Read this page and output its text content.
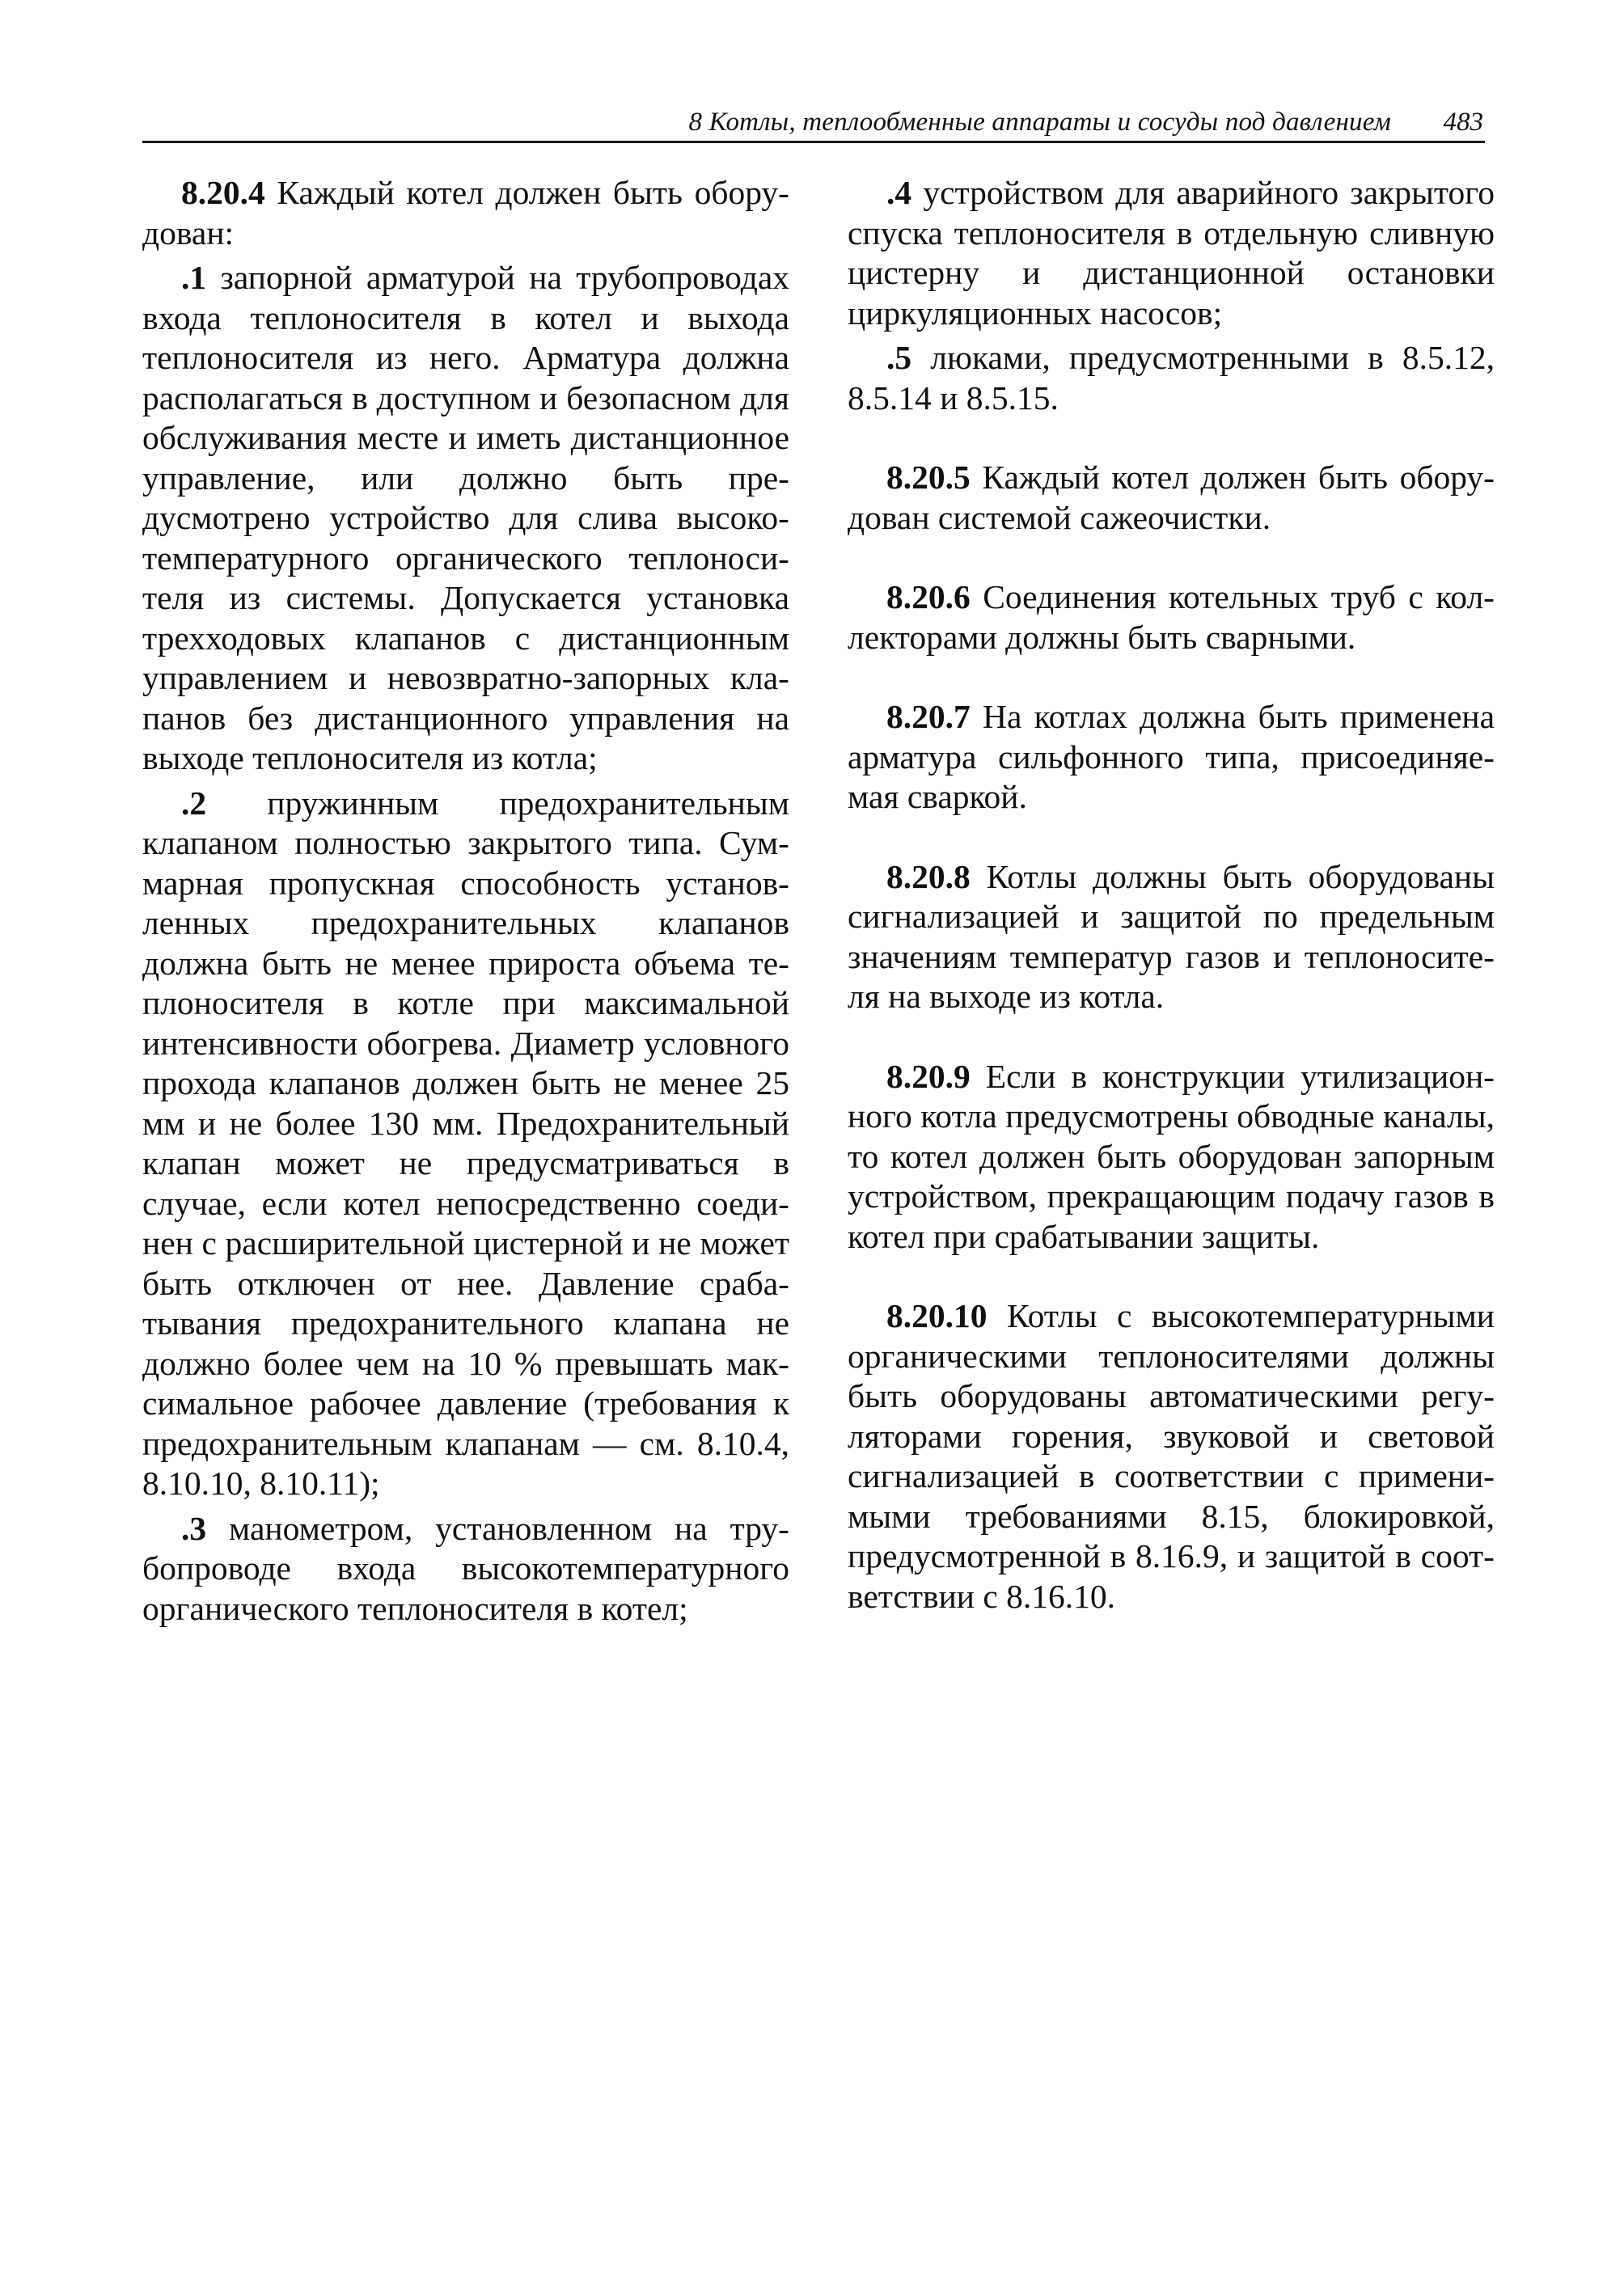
8 Котлы, теплообменные аппараты и сосуды под давлением 483

8.20.4 Каждый котел должен быть оборудован:

.1 запорной арматурой на трубопроводах входа теплоносителя в котел и выхода теплоносителя из него. Арматура должна располагаться в доступном и безопасном для обслуживания месте и иметь дистанционное управление, или должно быть предусмотрено устройство для слива высокотемпературного органического теплоносителя из системы. Допускается установка трехходовых клапанов с дистанционным управлением и невозвратно-запорных клапанов без дистанционного управления на выходе теплоносителя из котла;

.2 пружинным предохранительным клапаном полностью закрытого типа. Суммарная пропускная способность установленных предохранительных клапанов должна быть не менее прироста объема теплоносителя в котле при максимальной интенсивности обогрева. Диаметр условного прохода клапанов должен быть не менее 25 мм и не более 130 мм. Предохранительный клапан может не предусматриваться в случае, если котел непосредственно соединен с расширительной цистерной и не может быть отключен от нее. Давление срабатывания предохранительного клапана не должно более чем на 10 % превышать максимальное рабочее давление (требования к предохранительным клапанам — см. 8.10.4, 8.10.10, 8.10.11);

.3 манометром, установленном на трубопроводе входа высокотемпературного органического теплоносителя в котел;

.4 устройством для аварийного закрытого спуска теплоносителя в отдельную сливную цистерну и дистанционной остановки циркуляционных насосов;

.5 люками, предусмотренными в 8.5.12, 8.5.14 и 8.5.15.

8.20.5 Каждый котел должен быть оборудован системой сажеочистки.

8.20.6 Соединения котельных труб с коллекторами должны быть сварными.

8.20.7 На котлах должна быть применена арматура сильфонного типа, присоединяемая сваркой.

8.20.8 Котлы должны быть оборудованы сигнализацией и защитой по предельным значениям температур газов и теплоносителя на выходе из котла.

8.20.9 Если в конструкции утилизационного котла предусмотрены обводные каналы, то котел должен быть оборудован запорным устройством, прекращающим подачу газов в котел при срабатывании защиты.

8.20.10 Котлы с высокотемпературными органическими теплоносителями должны быть оборудованы автоматическими регуляторами горения, звуковой и световой сигнализацией в соответствии с применимыми требованиями 8.15, блокировкой, предусмотренной в 8.16.9, и защитой в соответствии с 8.16.10.
